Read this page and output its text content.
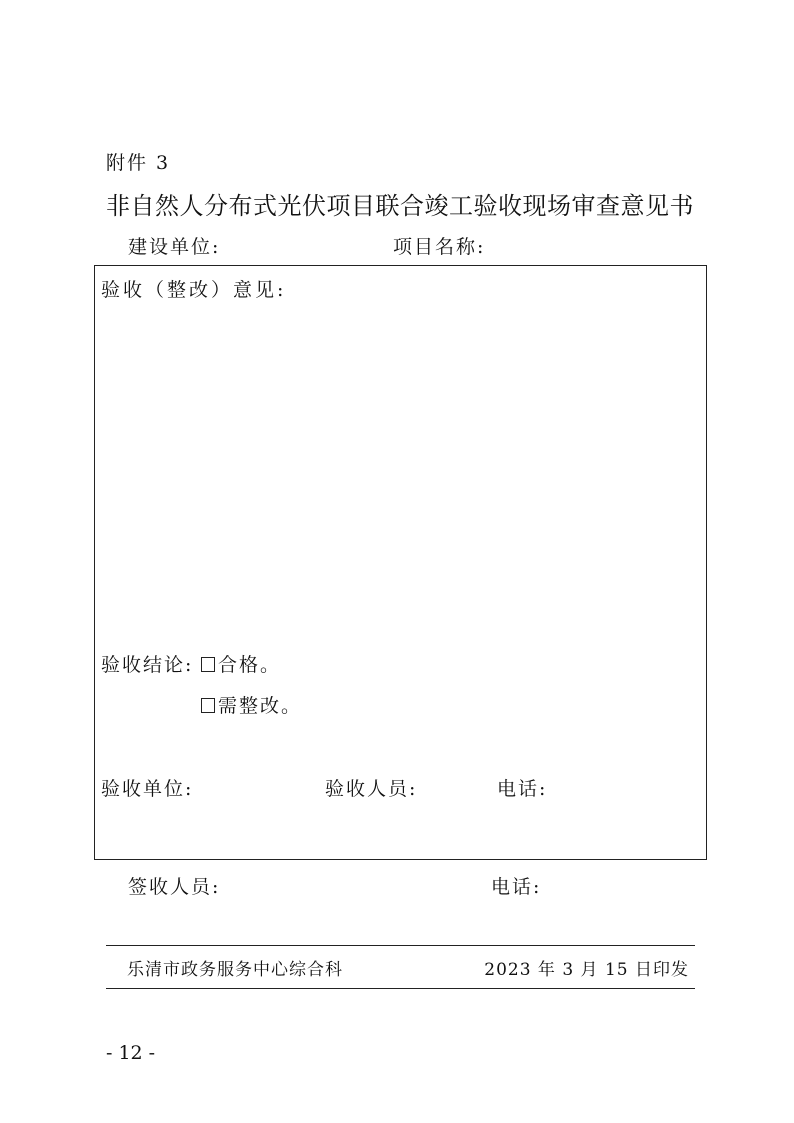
附件 3
非自然人分布式光伏项目联合竣工验收现场审查意见书
建设单位:	项目名称:
验收（整改）意见:
验收结论:	合格。
需整改。
验收单位:	验收人员:	电话:
签收人员:	电话:
乐清市政务服务中心综合科	2023 年 3 月 15 日印发
- 12 -
